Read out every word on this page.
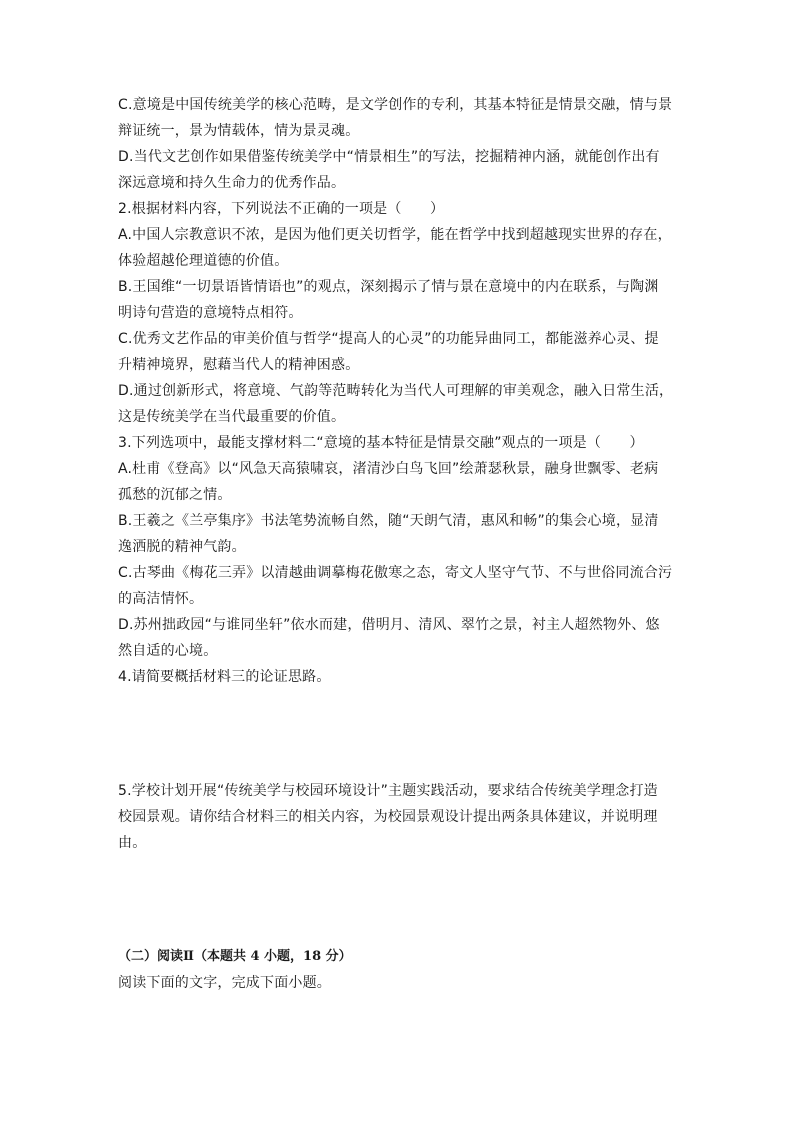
C.意境是中国传统美学的核心范畴，是文学创作的专利，其基本特征是情景交融，情与景
辩证统一，景为情载体，情为景灵魂。
D.当代文艺创作如果借鉴传统美学中“情景相生”的写法，挖掘精神内涵，就能创作出有
深远意境和持久生命力的优秀作品。
2.根据材料内容，下列说法不正确的一项是（　　）
A.中国人宗教意识不浓，是因为他们更关切哲学，能在哲学中找到超越现实世界的存在，
体验超越伦理道德的价值。
B.王国维“一切景语皆情语也”的观点，深刻揭示了情与景在意境中的内在联系，与陶渊
明诗句营造的意境特点相符。
C.优秀文艺作品的审美价值与哲学“提高人的心灵”的功能异曲同工，都能滋养心灵、提
升精神境界，慰藉当代人的精神困惑。
D.通过创新形式，将意境、气韵等范畴转化为当代人可理解的审美观念，融入日常生活，
这是传统美学在当代最重要的价值。
3.下列选项中，最能支撑材料二“意境的基本特征是情景交融”观点的一项是（　　）
A.杜甫《登高》以“风急天高猿啸哀，渚清沙白鸟飞回”绘萧瑟秋景，融身世飘零、老病
孤愁的沉郁之情。
B.王羲之《兰亭集序》书法笔势流畅自然，随“天朗气清，惠风和畅”的集会心境，显清
逸洒脱的精神气韵。
C.古琴曲《梅花三弄》以清越曲调摹梅花傲寒之态，寄文人坚守气节、不与世俗同流合污
的高洁情怀。
D.苏州拙政园“与谁同坐轩”依水而建，借明月、清风、翠竹之景，衬主人超然物外、悠
然自适的心境。
4.请简要概括材料三的论证思路。
5.学校计划开展“传统美学与校园环境设计”主题实践活动，要求结合传统美学理念打造
校园景观。请你结合材料三的相关内容，为校园景观设计提出两条具体建议，并说明理
由。
（二）阅读Ⅱ（本题共 4 小题，18 分）
阅读下面的文字，完成下面小题。
